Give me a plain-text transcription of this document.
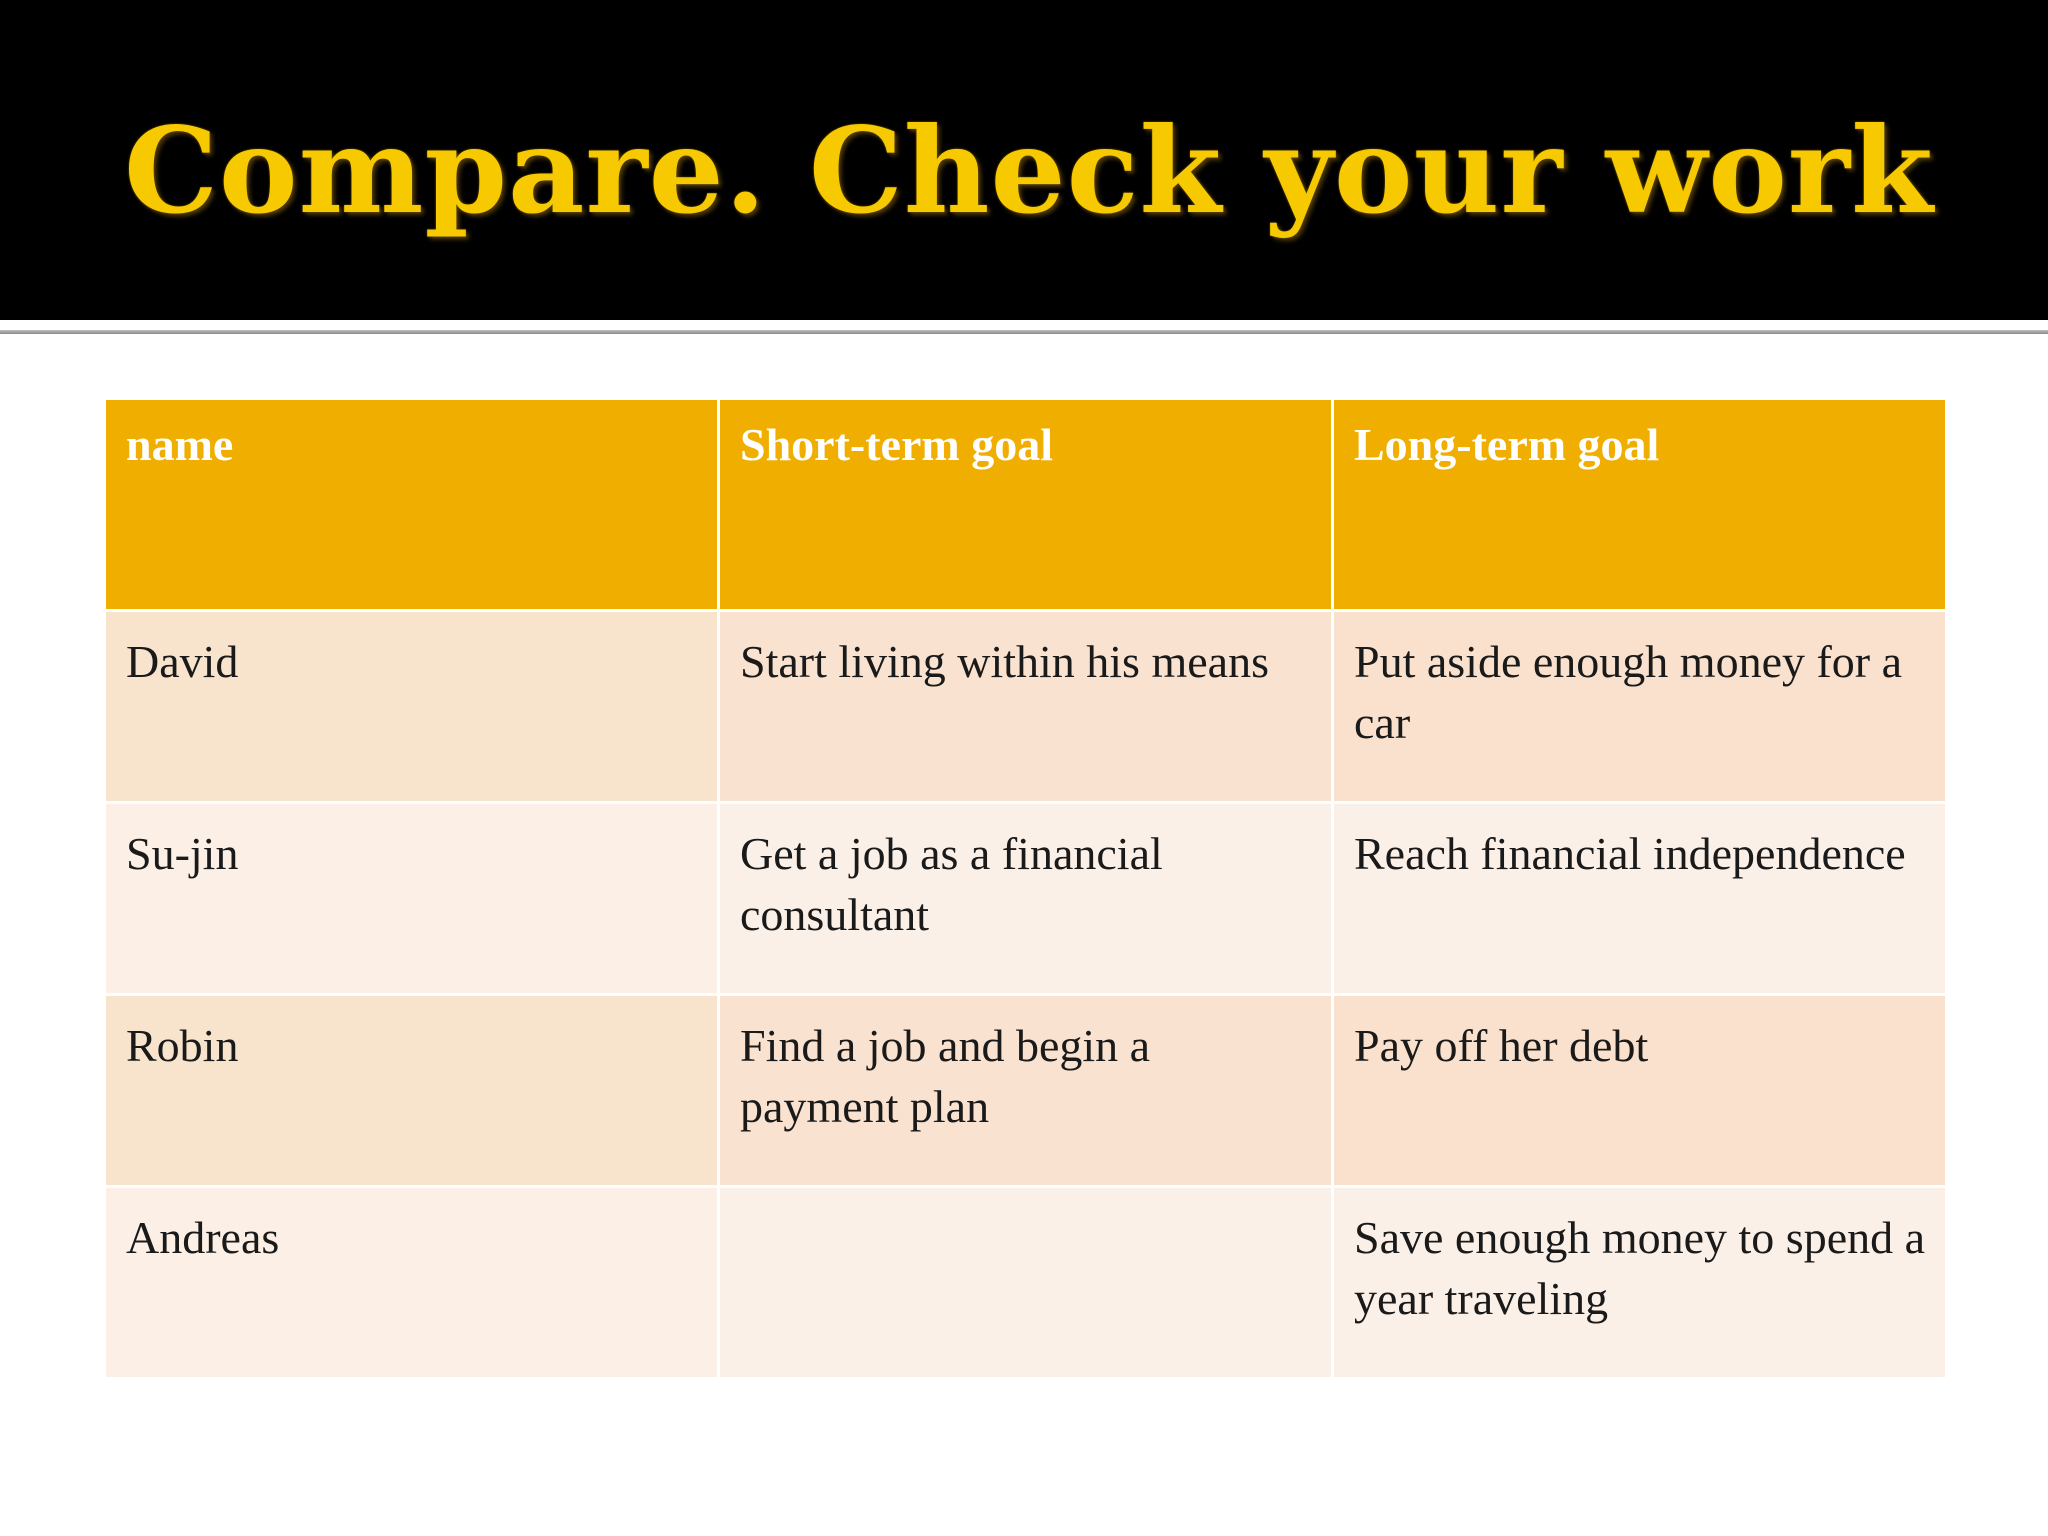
Compare. Check your work
name	Short-term goal	Long-term goal
David	Start living within his means	Put aside enough money for a car
Su-jin	Get a job as a financial consultant	Reach financial independence
Robin	Find a job and begin a payment plan	Pay off her debt
Andreas		Save enough money to spend a year traveling
